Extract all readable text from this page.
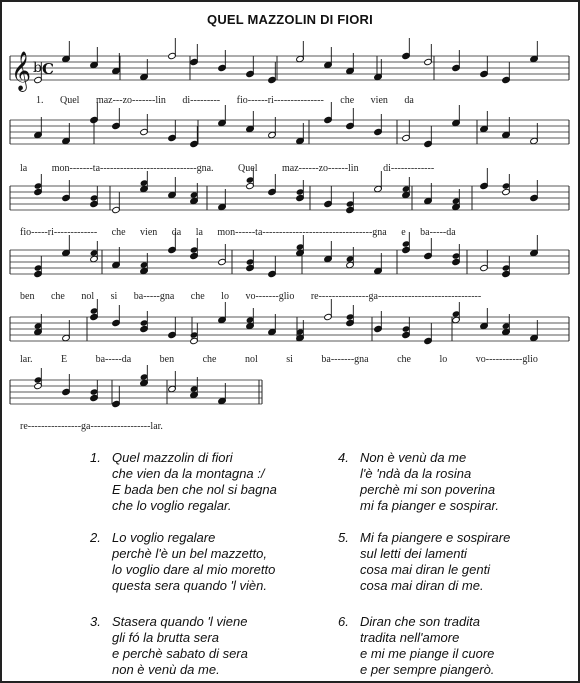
QUEL MAZZOLIN DI FIORI
𝄞 b C
1. Quel maz---zo-------lin di--------- fio------ri--------------- che vien da
la mon-------ta-----------------------------gna. Quel maz------zo------lin di-------------
fio-----ri------------- che vien da la mon------ta---------------------------------gna e ba-----da
ben che nol si ba-----gna che lo vo-------glio re---------------ga-------------------------------
lar. E ba-----da ben che nol si ba-------gna che lo vo-----------glio
re----------------ga------------------lar.
1. Quel mazzolin di fiori
che vien da la montagna :/
E bada ben che nol si bagna
che lo voglio regalar.
2. Lo voglio regalare
perchè l'è un bel mazzetto,
lo voglio dare al mio moretto
questa sera quando 'l vièn.
3. Stasera quando 'l viene
gli fó la brutta sera
e perchè sabato di sera
non è venù da me.
4. Non è venù da me
l'è 'ndà da la rosina
perchè mi son poverina
mi fa pianger e sospirar.
5. Mi fa piangere e sospirare
sul letti dei lamenti
cosa mai diran le genti
cosa mai diran di me.
6. Diran che son tradita
tradita nell'amore
e mi me piange il cuore
e per sempre piangerò.
